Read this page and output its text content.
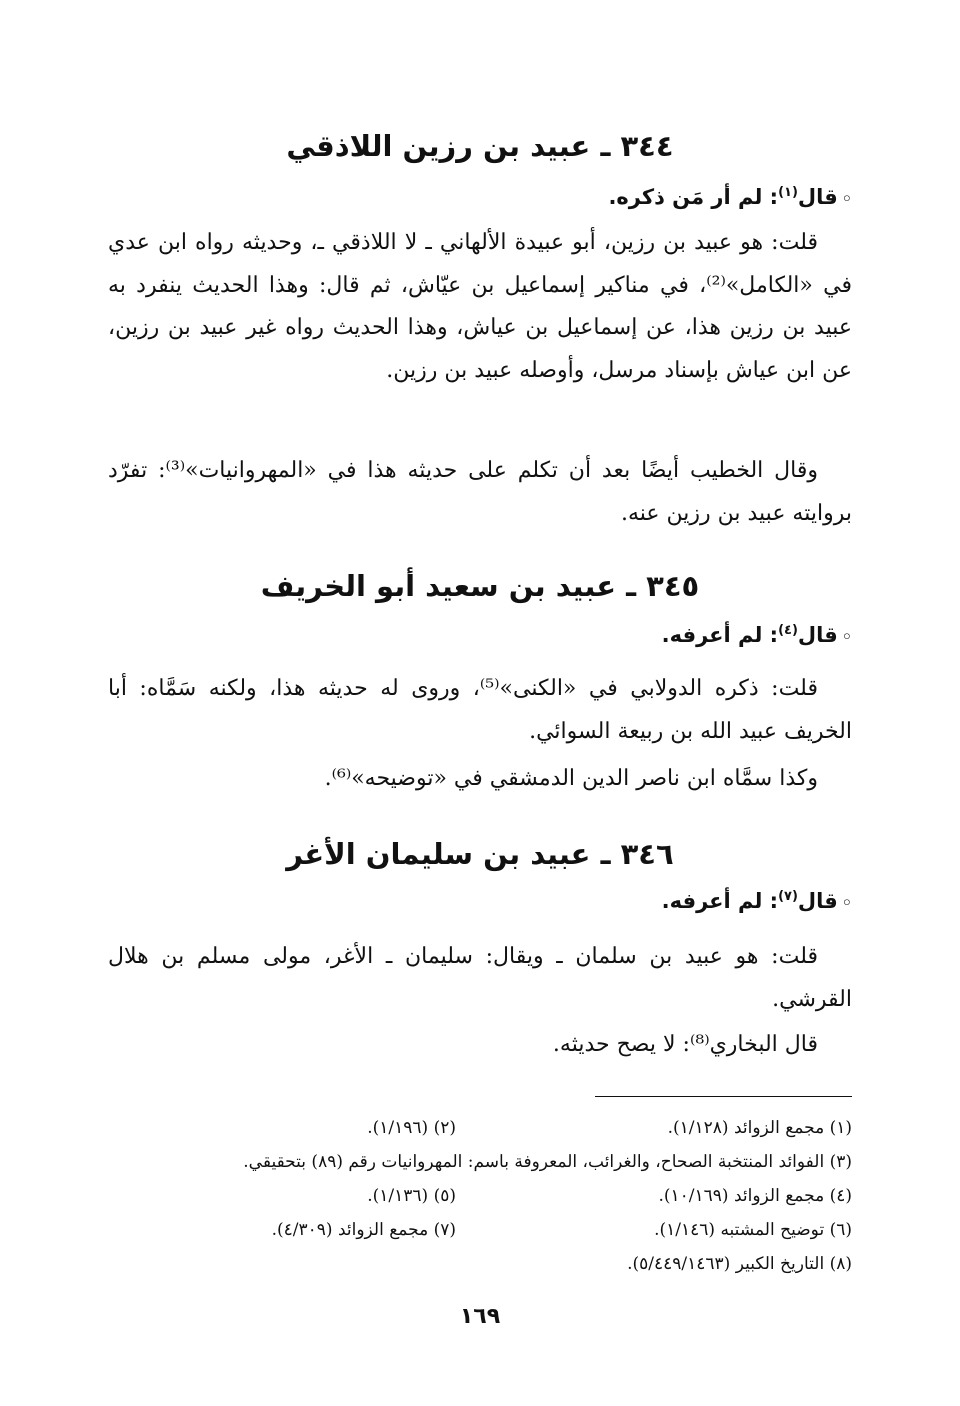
٣٤٤ ـ عبيد بن رزين اللاذقي
◦قال$^{(١)}$: لم أر مَن ذكره.

قلت: هو عبيد بن رزين، أبو عبيدة الألهاني ـ لا اللاذقي ـ، وحديثه رواه ابن عدي في «الكامل»⁽²⁾، في مناكير إسماعيل بن عيّاش، ثم قال: وهذا الحديث ينفرد به عبيد بن رزين هذا، عن إسماعيل بن عياش، وهذا الحديث رواه غير عبيد بن رزين، عن ابن عياش بإسناد مرسل، وأوصله عبيد بن رزين.

وقال الخطيب أيضًا بعد أن تكلم على حديثه هذا في «المهروانيات»⁽³⁾: تفرّد بروايته عبيد بن رزين عنه.

٣٤٥ ـ عبيد بن سعيد أبو الخريف
◦قال$^{(٤)}$: لم أعرفه.

قلت: ذكره الدولابي في «الكنى»⁽⁵⁾، وروى له حديثه هذا، ولكنه سَمَّاه: أبا الخريف عبيد الله بن ربيعة السوائي.

وكذا سمَّاه ابن ناصر الدين الدمشقي في «توضيحه»⁽⁶⁾.

٣٤٦ ـ عبيد بن سليمان الأغر
◦قال$^{(٧)}$: لم أعرفه.

قلت: هو عبيد بن سلمان ـ ويقال: سليمان ـ الأغر، مولى مسلم بن هلال القرشي.

قال البخاري⁽⁸⁾: لا يصح حديثه.

(١) مجمع الزوائد (١/١٢٨).
(٢) (١/١٩٦).
(٣) الفوائد المنتخبة الصحاح، والغرائب، المعروفة باسم: المهروانيات رقم (٨٩) بتحقيقي.
(٤) مجمع الزوائد (١٠/١٦٩).
(٥) (١/١٣٦).
(٦) توضيح المشتبه (١/١٤٦).
(٧) مجمع الزوائد (٤/٣٠٩).
(٨) التاريخ الكبير (٥/٤٤٩/١٤٦٣).
١٦٩
